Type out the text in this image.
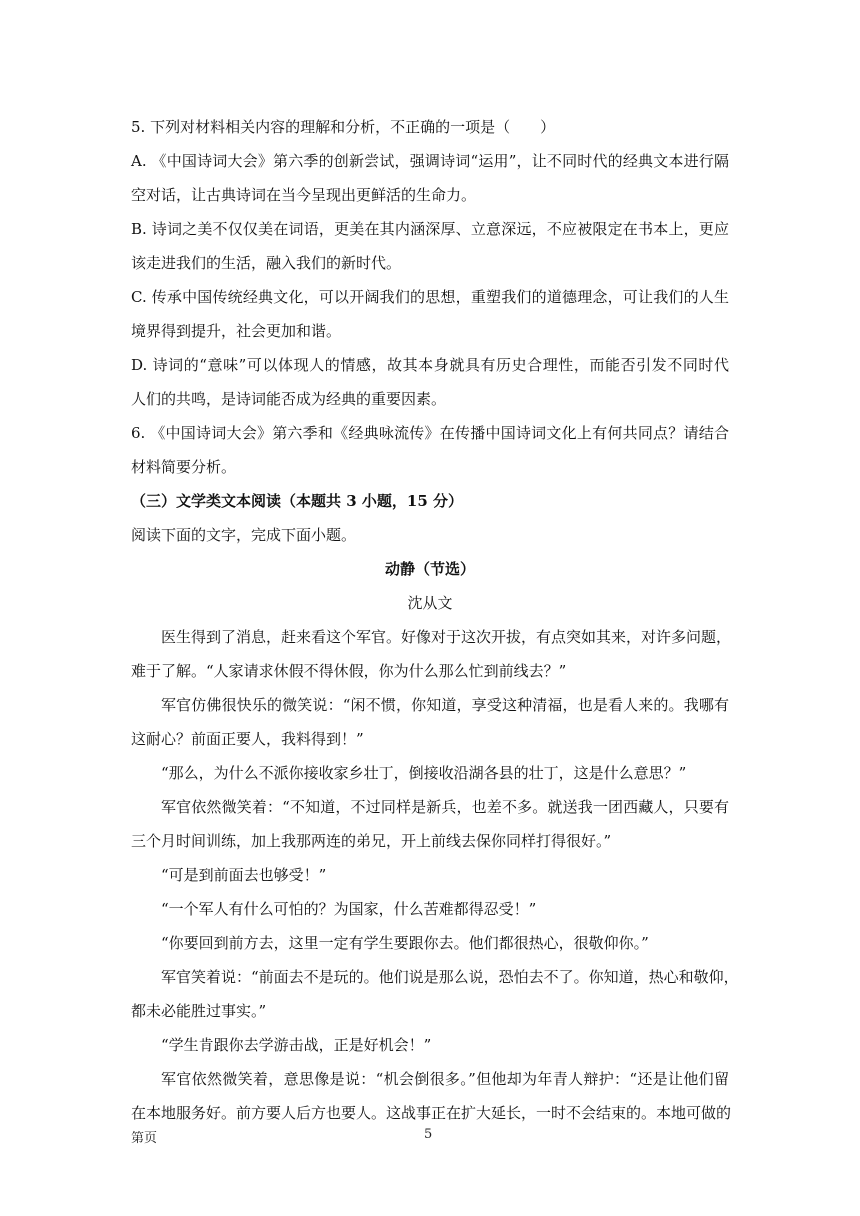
5. 下列对材料相关内容的理解和分析，不正确的一项是（　　）

A. 《中国诗词大会》第六季的创新尝试，强调诗词“运用”，让不同时代的经典文本进行隔

空对话，让古典诗词在当今呈现出更鲜活的生命力。

B. 诗词之美不仅仅美在词语，更美在其内涵深厚、立意深远，不应被限定在书本上，更应

该走进我们的生活，融入我们的新时代。

C. 传承中国传统经典文化，可以开阔我们的思想，重塑我们的道德理念，可让我们的人生

境界得到提升，社会更加和谐。

D. 诗词的“意味”可以体现人的情感，故其本身就具有历史合理性，而能否引发不同时代

人们的共鸣，是诗词能否成为经典的重要因素。

6. 《中国诗词大会》第六季和《经典咏流传》在传播中国诗词文化上有何共同点？请结合

材料简要分析。

（三）文学类文本阅读（本题共 3 小题，15 分）

阅读下面的文字，完成下面小题。

动静（节选）

沈从文

医生得到了消息，赶来看这个军官。好像对于这次开拔，有点突如其来，对许多问题，

难于了解。“人家请求休假不得休假，你为什么那么忙到前线去？”

军官仿佛很快乐的微笑说：“闲不惯，你知道，享受这种清福，也是看人来的。我哪有

这耐心？前面正要人，我料得到！”

“那么，为什么不派你接收家乡壮丁，倒接收沿湖各县的壮丁，这是什么意思？”

军官依然微笑着：“不知道，不过同样是新兵，也差不多。就送我一团西藏人，只要有

三个月时间训练，加上我那两连的弟兄，开上前线去保你同样打得很好。”

“可是到前面去也够受！”

“一个军人有什么可怕的？为国家，什么苦难都得忍受！”

“你要回到前方去，这里一定有学生要跟你去。他们都很热心，很敬仰你。”

军官笑着说：“前面去不是玩的。他们说是那么说，恐怕去不了。你知道，热心和敬仰，

都未必能胜过事实。”

“学生肯跟你去学游击战，正是好机会！”

军官依然微笑着，意思像是说：“机会倒很多。”但他却为年青人辩护：“还是让他们留

在本地服务好。前方要人后方也要人。这战事正在扩大延长，一时不会结束的。本地可做的

第页	5
